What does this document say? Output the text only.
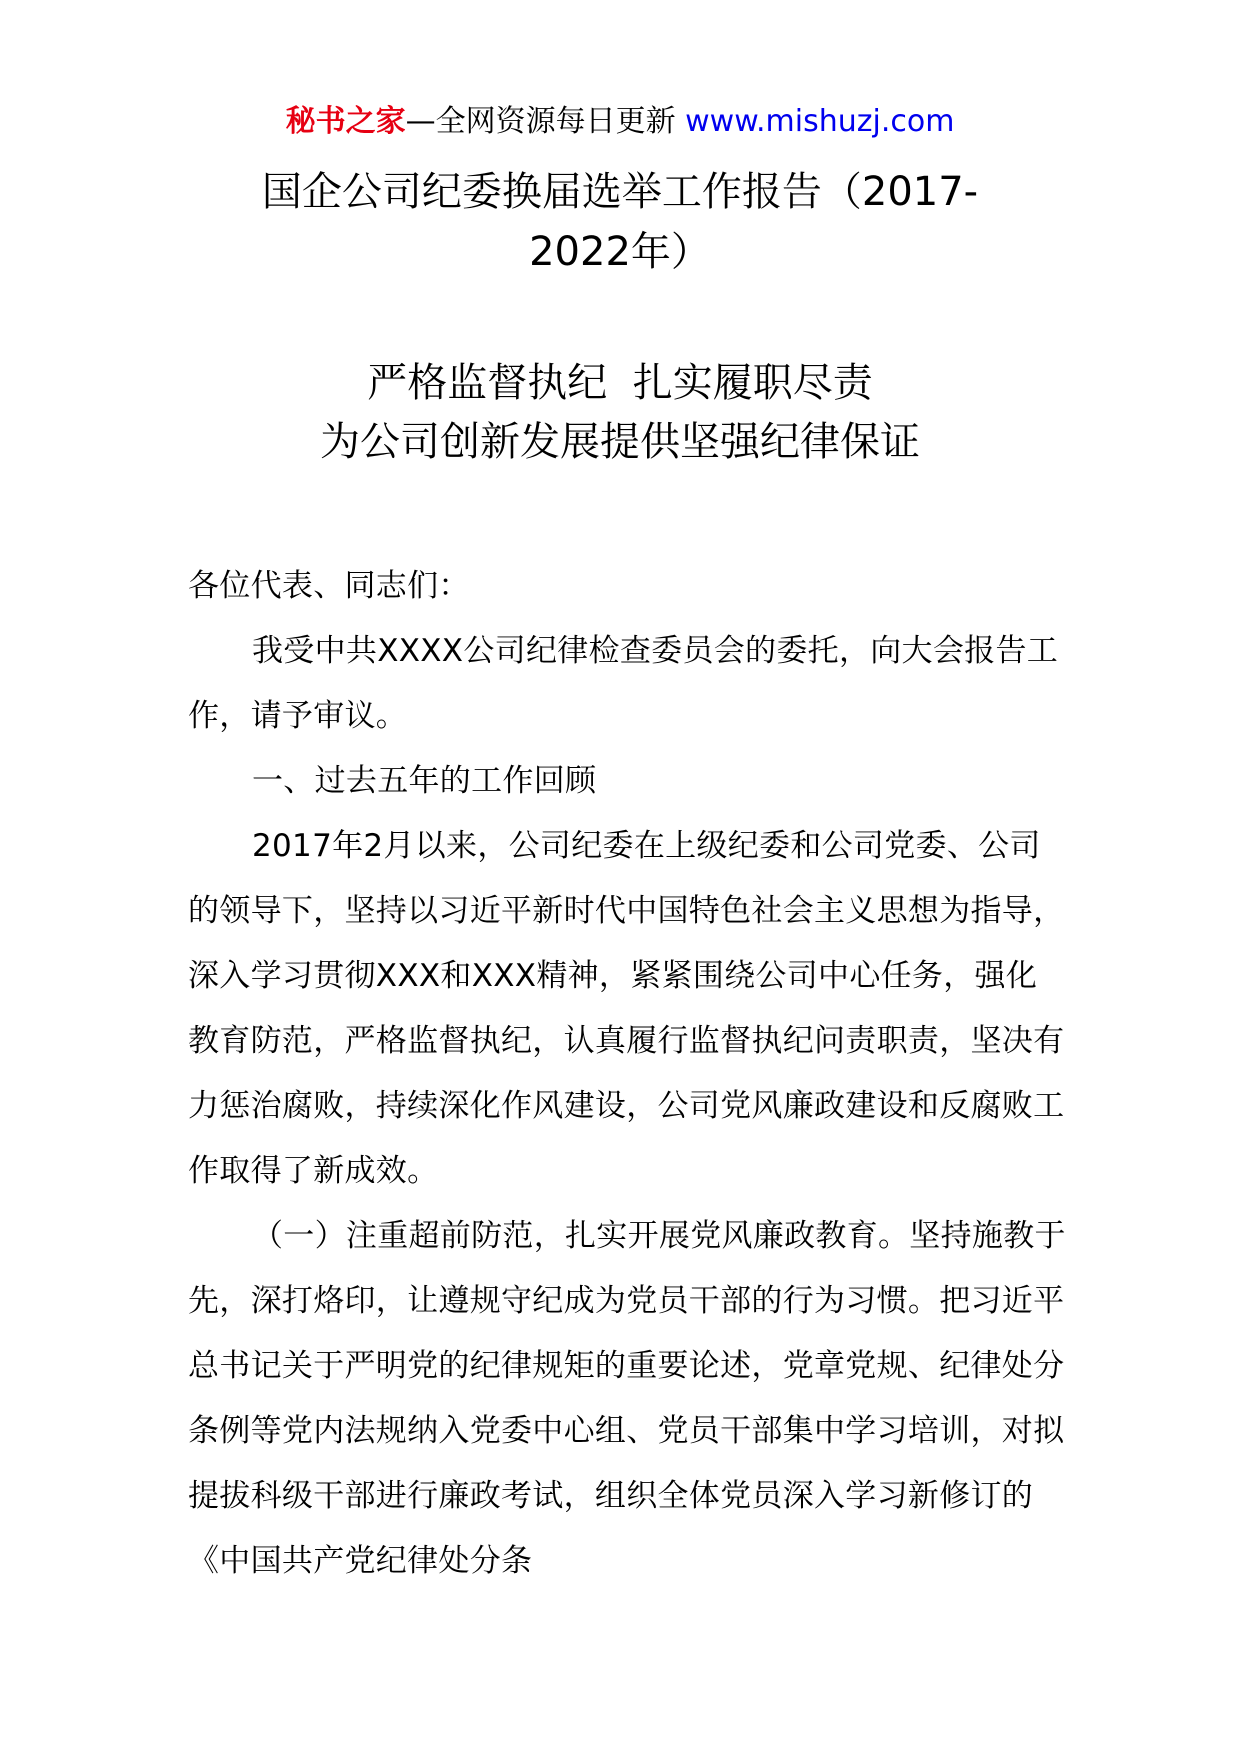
秘书之家—全网资源每日更新 www.mishuzj.com
国企公司纪委换届选举工作报告（2017-
2022年）
严格监督执纪  扎实履职尽责
为公司创新发展提供坚强纪律保证

各位代表、同志们：

我受中共XXXX公司纪律检查委员会的委托，向大会报告工作，请予审议。

一、过去五年的工作回顾

2017年2月以来，公司纪委在上级纪委和公司党委、公司的领导下，坚持以习近平新时代中国特色社会主义思想为指导，深入学习贯彻XXX和XXX精神，紧紧围绕公司中心任务，强化教育防范，严格监督执纪，认真履行监督执纪问责职责，坚决有力惩治腐败，持续深化作风建设，公司党风廉政建设和反腐败工作取得了新成效。

（一）注重超前防范，扎实开展党风廉政教育。坚持施教于先，深打烙印，让遵规守纪成为党员干部的行为习惯。把习近平总书记关于严明党的纪律规矩的重要论述，党章党规、纪律处分条例等党内法规纳入党委中心组、党员干部集中学习培训，对拟提拔科级干部进行廉政考试，组织全体党员深入学习新修订的《中国共产党纪律处分条
